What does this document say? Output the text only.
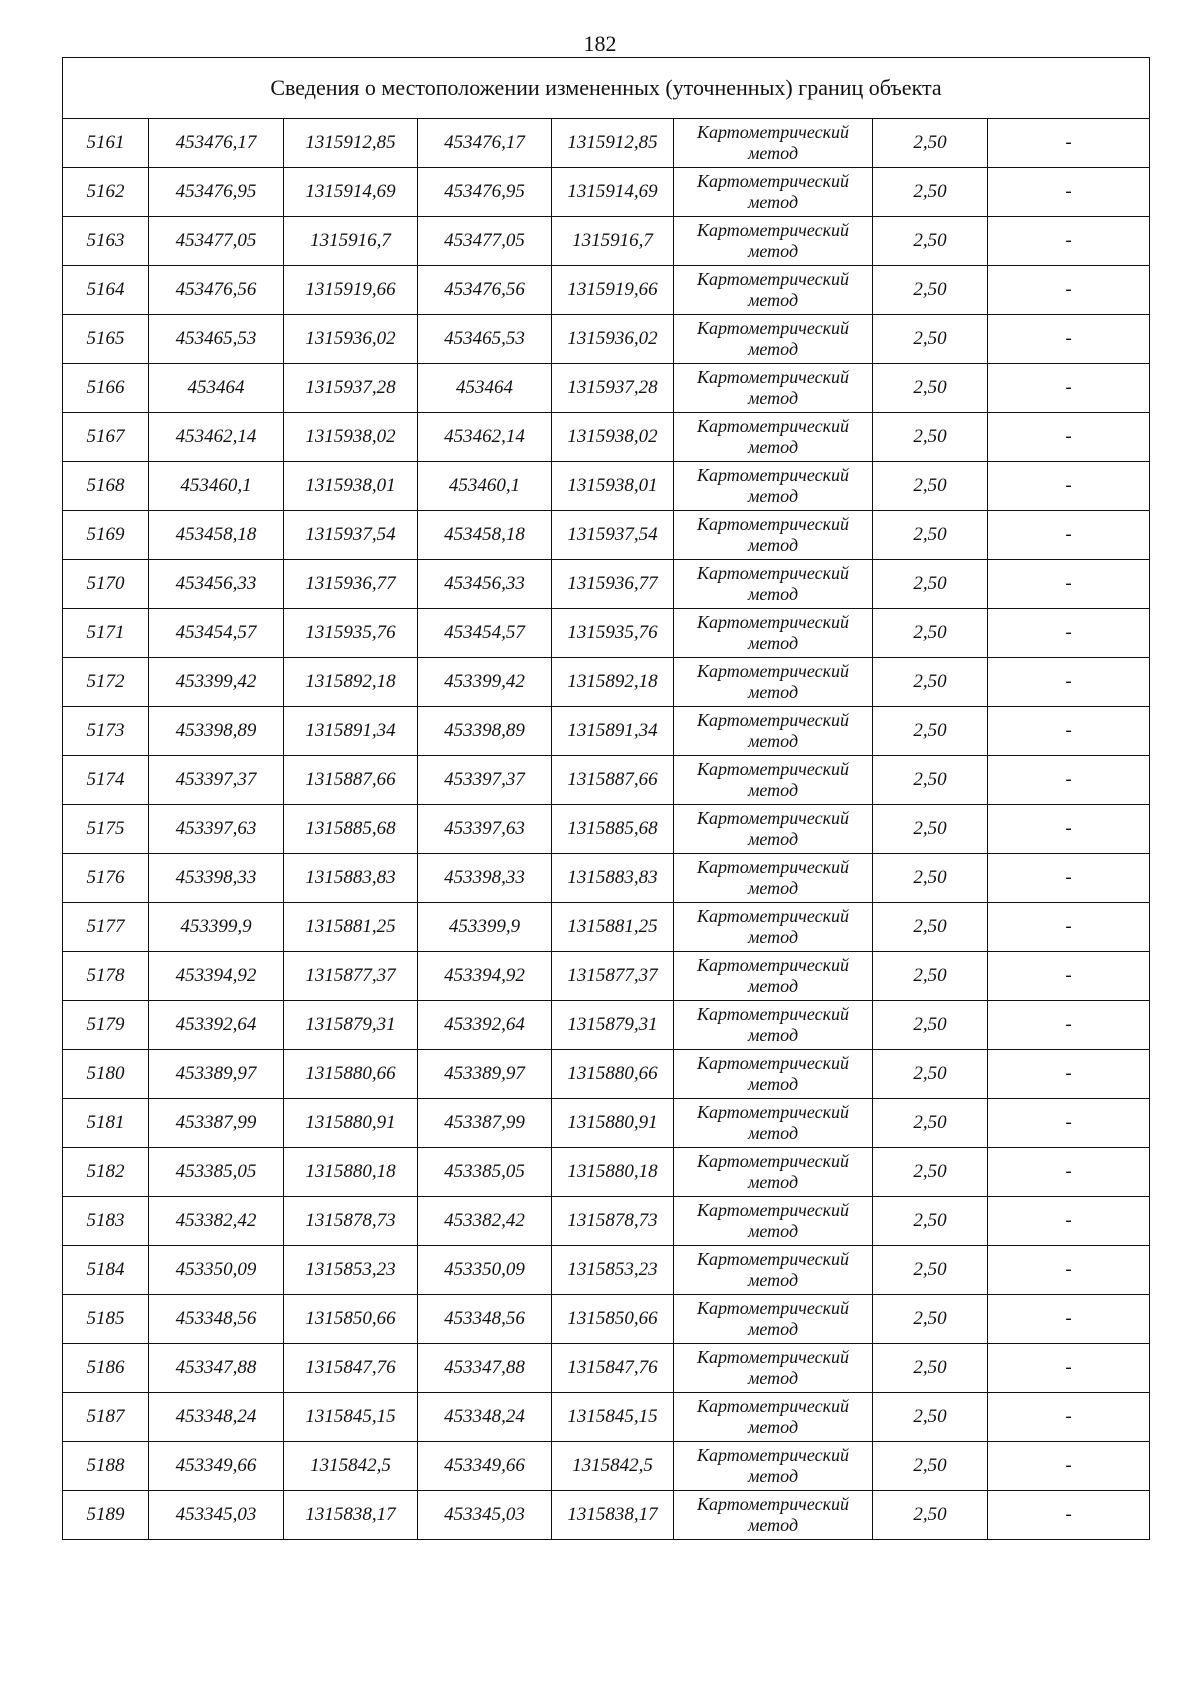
182
Сведения о местоположении измененных (уточненных) границ объекта							
5161	453476,17	1315912,85	453476,17	1315912,85	Картометрический метод	2,50	-
5162	453476,95	1315914,69	453476,95	1315914,69	Картометрический метод	2,50	-
5163	453477,05	1315916,7	453477,05	1315916,7	Картометрический метод	2,50	-
5164	453476,56	1315919,66	453476,56	1315919,66	Картометрический метод	2,50	-
5165	453465,53	1315936,02	453465,53	1315936,02	Картометрический метод	2,50	-
5166	453464	1315937,28	453464	1315937,28	Картометрический метод	2,50	-
5167	453462,14	1315938,02	453462,14	1315938,02	Картометрический метод	2,50	-
5168	453460,1	1315938,01	453460,1	1315938,01	Картометрический метод	2,50	-
5169	453458,18	1315937,54	453458,18	1315937,54	Картометрический метод	2,50	-
5170	453456,33	1315936,77	453456,33	1315936,77	Картометрический метод	2,50	-
5171	453454,57	1315935,76	453454,57	1315935,76	Картометрический метод	2,50	-
5172	453399,42	1315892,18	453399,42	1315892,18	Картометрический метод	2,50	-
5173	453398,89	1315891,34	453398,89	1315891,34	Картометрический метод	2,50	-
5174	453397,37	1315887,66	453397,37	1315887,66	Картометрический метод	2,50	-
5175	453397,63	1315885,68	453397,63	1315885,68	Картометрический метод	2,50	-
5176	453398,33	1315883,83	453398,33	1315883,83	Картометрический метод	2,50	-
5177	453399,9	1315881,25	453399,9	1315881,25	Картометрический метод	2,50	-
5178	453394,92	1315877,37	453394,92	1315877,37	Картометрический метод	2,50	-
5179	453392,64	1315879,31	453392,64	1315879,31	Картометрический метод	2,50	-
5180	453389,97	1315880,66	453389,97	1315880,66	Картометрический метод	2,50	-
5181	453387,99	1315880,91	453387,99	1315880,91	Картометрический метод	2,50	-
5182	453385,05	1315880,18	453385,05	1315880,18	Картометрический метод	2,50	-
5183	453382,42	1315878,73	453382,42	1315878,73	Картометрический метод	2,50	-
5184	453350,09	1315853,23	453350,09	1315853,23	Картометрический метод	2,50	-
5185	453348,56	1315850,66	453348,56	1315850,66	Картометрический метод	2,50	-
5186	453347,88	1315847,76	453347,88	1315847,76	Картометрический метод	2,50	-
5187	453348,24	1315845,15	453348,24	1315845,15	Картометрический метод	2,50	-
5188	453349,66	1315842,5	453349,66	1315842,5	Картометрический метод	2,50	-
5189	453345,03	1315838,17	453345,03	1315838,17	Картометрический метод	2,50	-
